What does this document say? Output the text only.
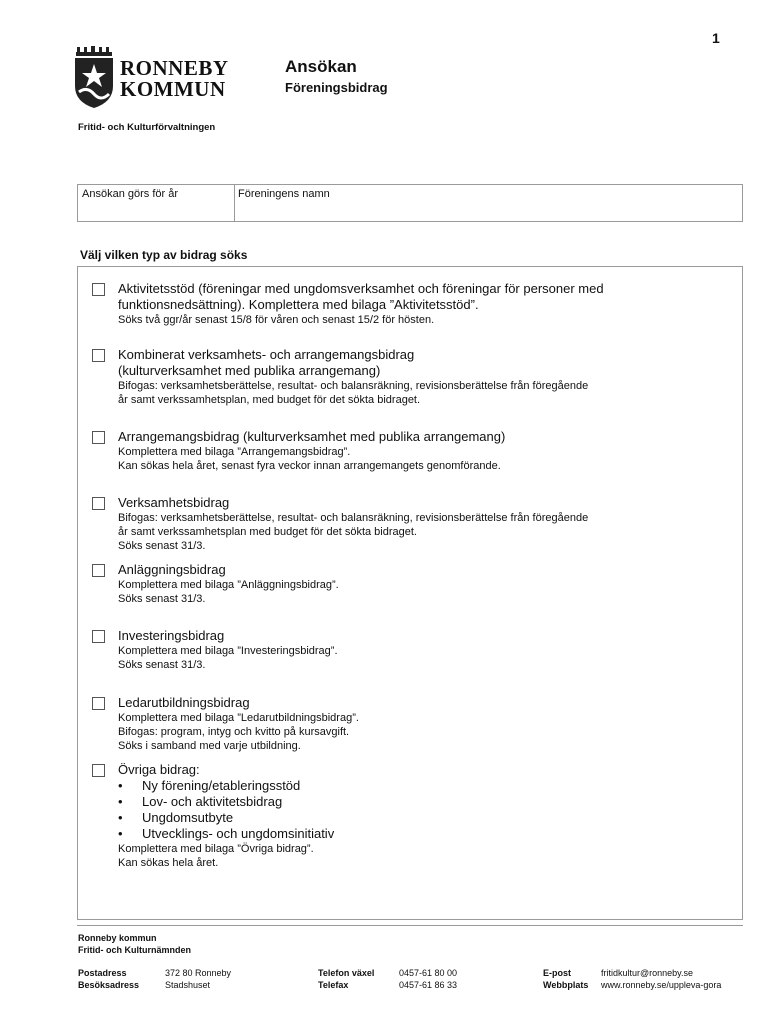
1
RONNEBY
KOMMUN
Ansökan
Föreningsbidrag
Fritid- och Kulturförvaltningen
Ansökan görs för år	Föreningens namn
Välj vilken typ av bidrag söks
Aktivitetsstöd (föreningar med ungdomsverksamhet och föreningar för personer med
funktionsnedsättning). Komplettera med bilaga ”Aktivitetsstöd”.
Söks två ggr/år senast 15/8 för våren och senast 15/2 för hösten.
Kombinerat verksamhets- och arrangemangsbidrag
(kulturverksamhet med publika arrangemang)
Bifogas: verksamhetsberättelse, resultat- och balansräkning, revisionsberättelse från föregående
år samt verkssamhetsplan, med budget för det sökta bidraget.
Arrangemangsbidrag (kulturverksamhet med publika arrangemang)
Komplettera med bilaga ”Arrangemangsbidrag”.
Kan sökas hela året, senast fyra veckor innan arrangemangets genomförande.
Verksamhetsbidrag
Bifogas: verksamhetsberättelse, resultat- och balansräkning, revisionsberättelse från föregående
år samt verkssamhetsplan med budget för det sökta bidraget.
Söks senast 31/3.
Anläggningsbidrag
Komplettera med bilaga ”Anläggningsbidrag”.
Söks senast 31/3.
Investeringsbidrag
Komplettera med bilaga ”Investeringsbidrag”.
Söks senast 31/3.
Ledarutbildningsbidrag
Komplettera med bilaga ”Ledarutbildningsbidrag”.
Bifogas: program, intyg och kvitto på kursavgift.
Söks i samband med varje utbildning.
Övriga bidrag:
• Ny förening/etableringsstöd
• Lov- och aktivitetsbidrag
• Ungdomsutbyte
• Utvecklings- och ungdomsinitiativ
Komplettera med bilaga ”Övriga bidrag”.
Kan sökas hela året.
Ronneby kommun
Fritid- och Kulturnämnden
Postadress
Besöksadress
372 80 Ronneby
Stadshuset
Telefon växel
Telefax
0457-61 80 00
0457-61 86 33
E-post
Webbplats
fritidkultur@ronneby.se
www.ronneby.se/uppleva-gora
